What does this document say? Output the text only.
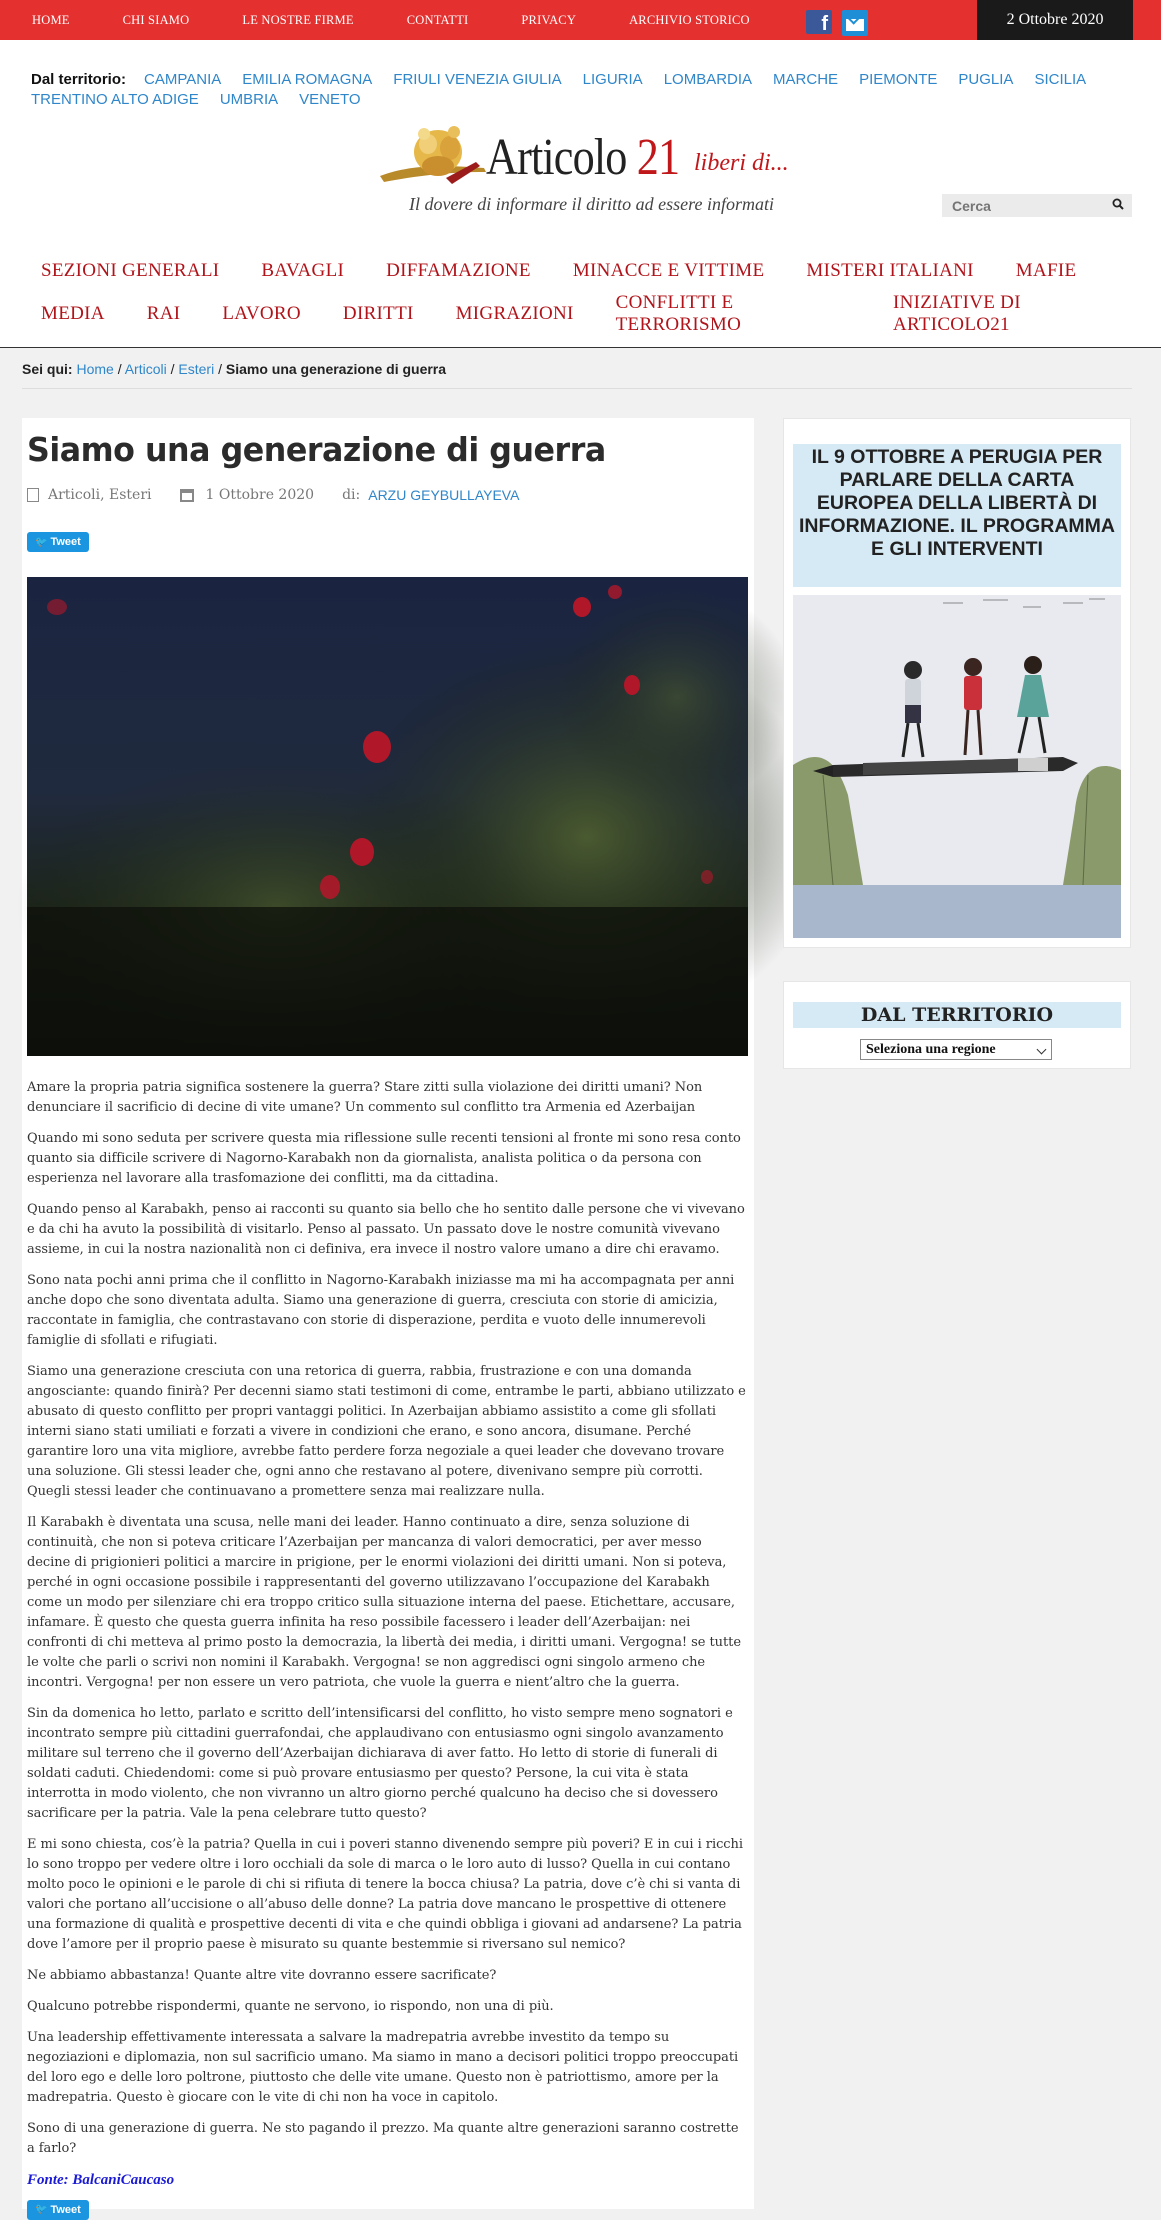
HOME	CHI SIAMO	LE NOSTRE FIRME	CONTATTI	PRIVACY	ARCHIVIO STORICO	f	2 Ottobre 2020
Dal territorio: CAMPANIA EMILIA ROMAGNA FRIULI VENEZIA GIULIA LIGURIA LOMBARDIA MARCHE PIEMONTE PUGLIA SICILIA
TRENTINO ALTO ADIGE UMBRIA VENETO
Articolo 21 liberi di...
Il dovere di informare il diritto ad essere informati
Cerca
SEZIONI GENERALI	BAVAGLI	DIFFAMAZIONE	MINACCE E VITTIME	MISTERI ITALIANI	MAFIE
MEDIA	RAI	LAVORO	DIRITTI	MIGRAZIONI
CONFLITTI E TERRORISMO
INIZIATIVE DI ARTICOLO21
Sei qui: Home / Articoli / Esteri / Siamo una generazione di guerra
Siamo una generazione di guerra
Articoli, Esteri	1 Ottobre 2020 di: ARZU GEYBULLAYEVA
🐦 Tweet

Amare la propria patria significa sostenere la guerra? Stare zitti sulla violazione dei diritti umani? Non denunciare il sacrificio di decine di vite umane? Un commento sul conflitto tra Armenia ed Azerbaijan

Quando mi sono seduta per scrivere questa mia riflessione sulle recenti tensioni al fronte mi sono resa conto quanto sia difficile scrivere di Nagorno-Karabakh non da giornalista, analista politica o da persona con esperienza nel lavorare alla trasfomazione dei conflitti, ma da cittadina.

Quando penso al Karabakh, penso ai racconti su quanto sia bello che ho sentito dalle persone che vi vivevano e da chi ha avuto la possibilità di visitarlo. Penso al passato. Un passato dove le nostre comunità vivevano assieme, in cui la nostra nazionalità non ci definiva, era invece il nostro valore umano a dire chi eravamo.

Sono nata pochi anni prima che il conflitto in Nagorno-Karabakh iniziasse ma mi ha accompagnata per anni anche dopo che sono diventata adulta. Siamo una generazione di guerra, cresciuta con storie di amicizia, raccontate in famiglia, che contrastavano con storie di disperazione, perdita e vuoto delle innumerevoli famiglie di sfollati e rifugiati.

Siamo una generazione cresciuta con una retorica di guerra, rabbia, frustrazione e con una domanda angosciante: quando finirà? Per decenni siamo stati testimoni di come, entrambe le parti, abbiano utilizzato e abusato di questo conflitto per propri vantaggi politici. In Azerbaijan abbiamo assistito a come gli sfollati interni siano stati umiliati e forzati a vivere in condizioni che erano, e sono ancora, disumane. Perché garantire loro una vita migliore, avrebbe fatto perdere forza negoziale a quei leader che dovevano trovare una soluzione. Gli stessi leader che, ogni anno che restavano al potere, divenivano sempre più corrotti. Quegli stessi leader che continuavano a promettere senza mai realizzare nulla.

Il Karabakh è diventata una scusa, nelle mani dei leader. Hanno continuato a dire, senza soluzione di continuità, che non si poteva criticare l’Azerbaijan per mancanza di valori democratici, per aver messo decine di prigionieri politici a marcire in prigione, per le enormi violazioni dei diritti umani. Non si poteva, perché in ogni occasione possibile i rappresentanti del governo utilizzavano l’occupazione del Karabakh come un modo per silenziare chi era troppo critico sulla situazione interna del paese. Etichettare, accusare, infamare. È questo che questa guerra infinita ha reso possibile facessero i leader dell’Azerbaijan: nei confronti di chi metteva al primo posto la democrazia, la libertà dei media, i diritti umani. Vergogna! se tutte le volte che parli o scrivi non nomini il Karabakh. Vergogna! se non aggredisci ogni singolo armeno che incontri. Vergogna! per non essere un vero patriota, che vuole la guerra e nient’altro che la guerra.

Sin da domenica ho letto, parlato e scritto dell’intensificarsi del conflitto, ho visto sempre meno sognatori e incontrato sempre più cittadini guerrafondai, che applaudivano con entusiasmo ogni singolo avanzamento militare sul terreno che il governo dell’Azerbaijan dichiarava di aver fatto. Ho letto di storie di funerali di soldati caduti. Chiedendomi: come si può provare entusiasmo per questo? Persone, la cui vita è stata interrotta in modo violento, che non vivranno un altro giorno perché qualcuno ha deciso che si dovessero sacrificare per la patria. Vale la pena celebrare tutto questo?

E mi sono chiesta, cos’è la patria? Quella in cui i poveri stanno divenendo sempre più poveri? E in cui i ricchi lo sono troppo per vedere oltre i loro occhiali da sole di marca o le loro auto di lusso? Quella in cui contano molto poco le opinioni e le parole di chi si rifiuta di tenere la bocca chiusa? La patria, dove c’è chi si vanta di valori che portano all’uccisione o all’abuso delle donne? La patria dove mancano le prospettive di ottenere una formazione di qualità e prospettive decenti di vita e che quindi obbliga i giovani ad andarsene? La patria dove l’amore per il proprio paese è misurato su quante bestemmie si riversano sul nemico?

Ne abbiamo abbastanza! Quante altre vite dovranno essere sacrificate?

Qualcuno potrebbe rispondermi, quante ne servono, io rispondo, non una di più.

Una leadership effettivamente interessata a salvare la madrepatria avrebbe investito da tempo su negoziazioni e diplomazia, non sul sacrificio umano. Ma siamo in mano a decisori politici troppo preoccupati del loro ego e delle loro poltrone, piuttosto che delle vite umane. Questo non è patriottismo, amore per la madrepatria. Questo è giocare con le vite di chi non ha voce in capitolo.

Sono di una generazione di guerra. Ne sto pagando il prezzo. Ma quante altre generazioni saranno costrette a farlo?

Fonte: BalcaniCaucaso
🐦 Tweet
IL 9 OTTOBRE A PERUGIA PER PARLARE DELLA CARTA EUROPEA DELLA LIBERTÀ DI INFORMAZIONE. IL PROGRAMMA E GLI INTERVENTI
DAL TERRITORIO
Seleziona una regione
